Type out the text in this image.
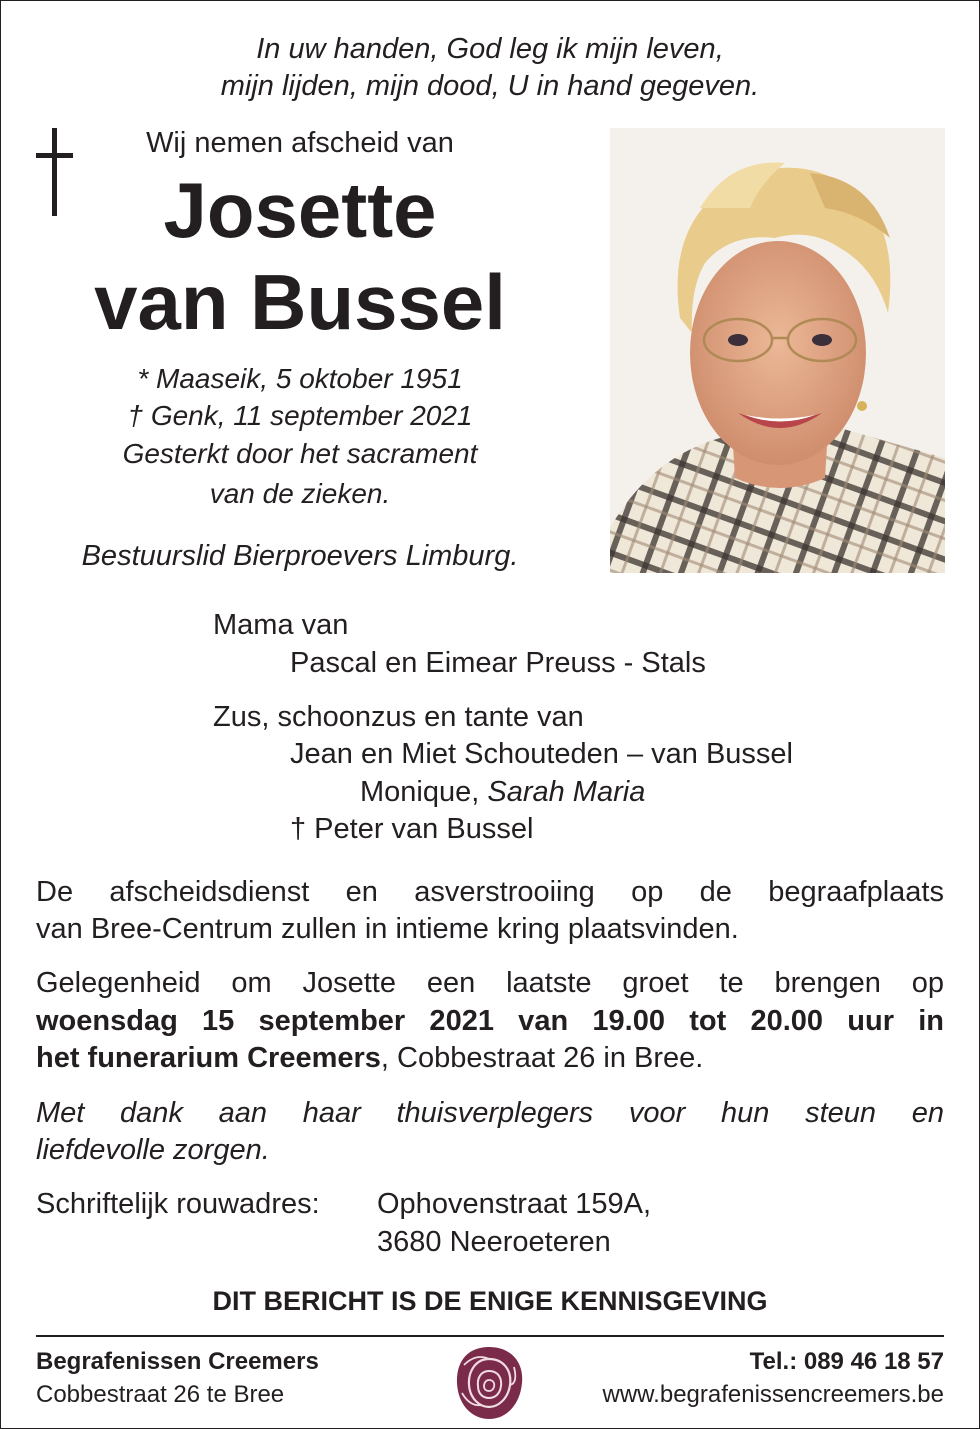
In uw handen, God leg ik mijn leven,
mijn lijden, mijn dood, U in hand gegeven.
Wij nemen afscheid van
Josette
van Bussel
* Maaseik, 5 oktober 1951
† Genk, 11 september 2021
Gesterkt door het sacrament
van de zieken.
Bestuurslid Bierproevers Limburg.
Mama van
Pascal en Eimear Preuss - Stals
Zus, schoonzus en tante van
Jean en Miet Schouteden – van Bussel
Monique, Sarah Maria
† Peter van Bussel
De afscheidsdienst en asverstrooiing op de begraafplaats
van Bree-Centrum zullen in intieme kring plaatsvinden.
Gelegenheid om Josette een laatste groet te brengen op
woensdag 15 september 2021 van 19.00 tot 20.00 uur in
het funerarium Creemers, Cobbestraat 26 in Bree.
Met dank aan haar thuisverplegers voor hun steun en
liefdevolle zorgen.
Schriftelijk rouwadres: Ophovenstraat 159A,
3680 Neeroeteren
DIT BERICHT IS DE ENIGE KENNISGEVING
Begrafenissen Creemers
Cobbestraat 26 te Bree
Tel.: 089 46 18 57
www.begrafenissencreemers.be
